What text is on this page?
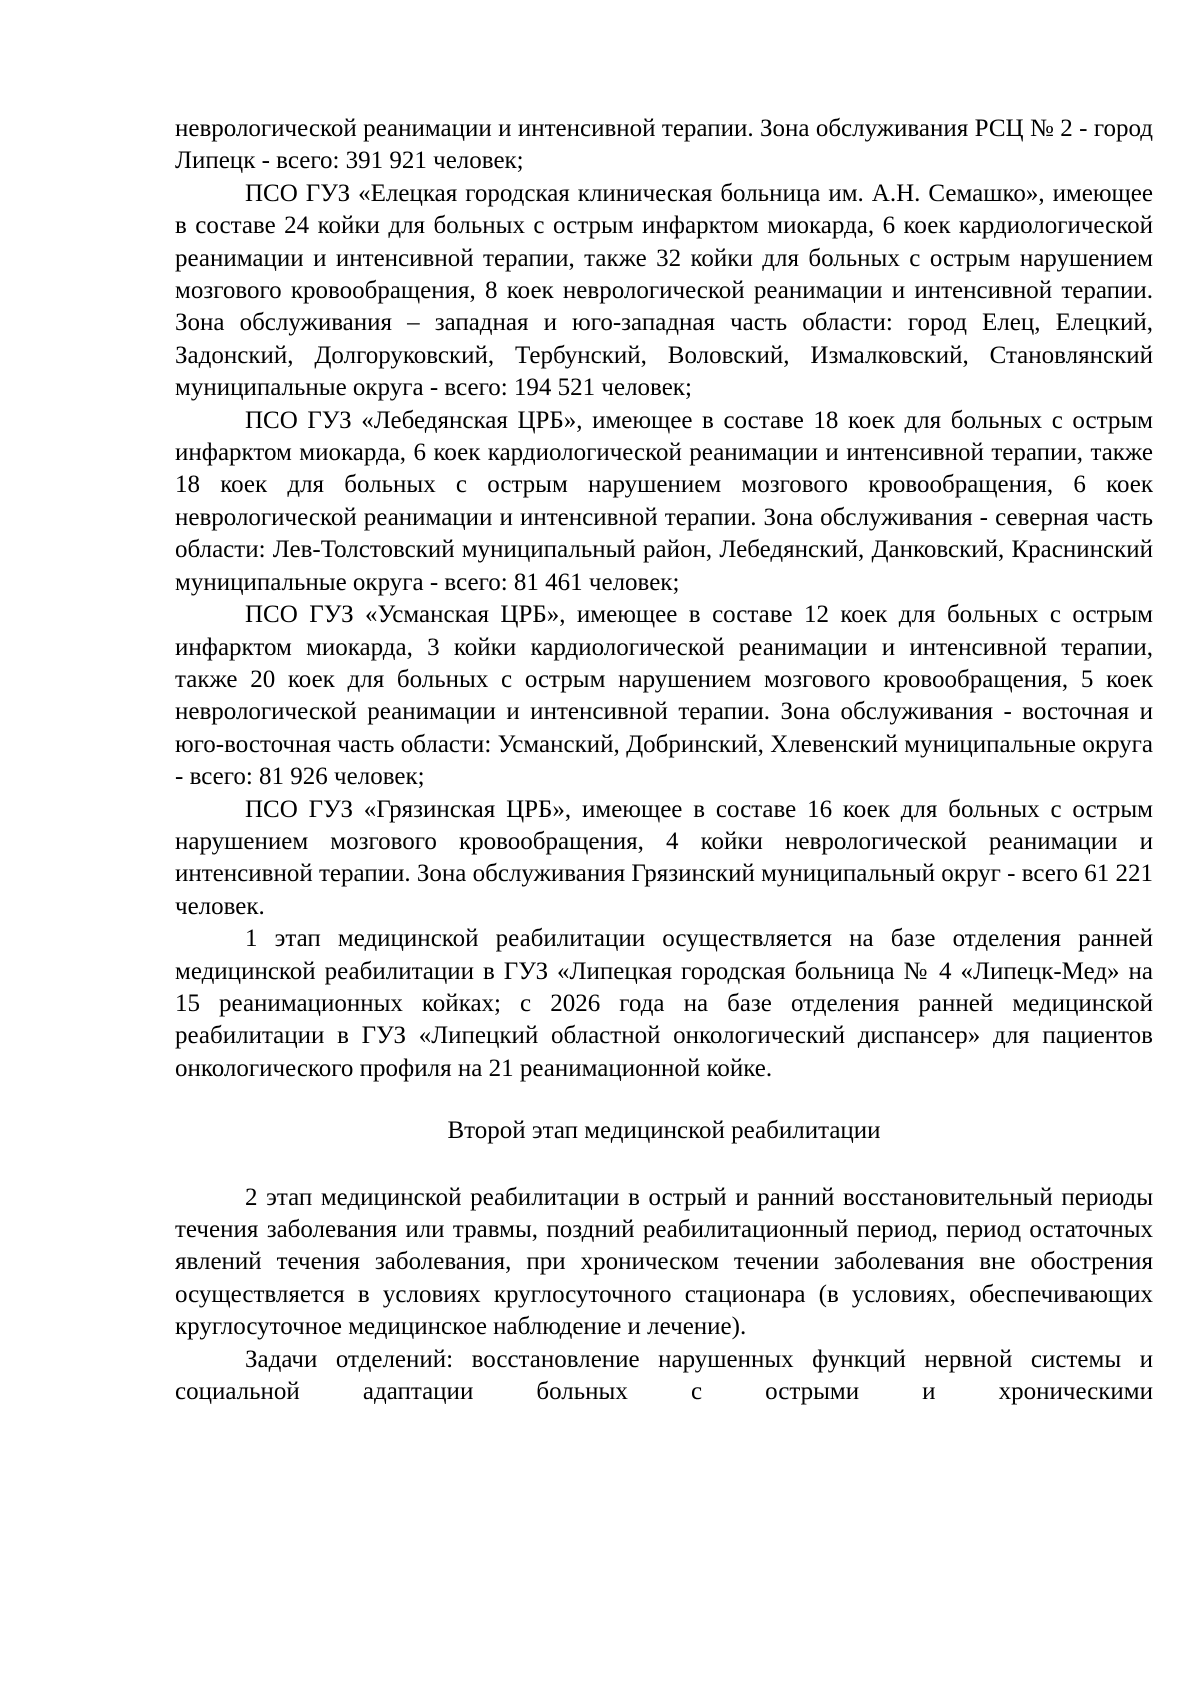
неврологической реанимации и интенсивной терапии. Зона обслуживания РСЦ № 2 - город Липецк - всего: 391 921 человек;

ПСО ГУЗ «Елецкая городская клиническая больница им. А.Н. Семашко», имеющее в составе 24 койки для больных с острым инфарктом миокарда, 6 коек кардиологической реанимации и интенсивной терапии, также 32 койки для больных с острым нарушением мозгового кровообращения, 8 коек неврологической реанимации и интенсивной терапии. Зона обслуживания – западная и юго-западная часть области: город Елец, Елецкий, Задонский, Долгоруковский, Тербунский, Воловский, Измалковский, Становлянский муниципальные округа - всего: 194 521 человек;

ПСО ГУЗ «Лебедянская ЦРБ», имеющее в составе 18 коек для больных с острым инфарктом миокарда, 6 коек кардиологической реанимации и интенсивной терапии, также 18 коек для больных с острым нарушением мозгового кровообращения, 6 коек неврологической реанимации и интенсивной терапии. Зона обслуживания - северная часть области: Лев-Толстовский муниципальный район, Лебедянский, Данковский, Краснинский муниципальные округа - всего: 81 461 человек;

ПСО ГУЗ «Усманская ЦРБ», имеющее в составе 12 коек для больных с острым инфарктом миокарда, 3 койки кардиологической реанимации и интенсивной терапии, также 20 коек для больных с острым нарушением мозгового кровообращения, 5 коек неврологической реанимации и интенсивной терапии. Зона обслуживания - восточная и юго-восточная часть области: Усманский, Добринский, Хлевенский муниципальные округа - всего: 81 926 человек;

ПСО ГУЗ «Грязинская ЦРБ», имеющее в составе 16 коек для больных с острым нарушением мозгового кровообращения, 4 койки неврологической реанимации и интенсивной терапии. Зона обслуживания Грязинский муниципальный округ - всего 61 221 человек.

1 этап медицинской реабилитации осуществляется на базе отделения ранней медицинской реабилитации в ГУЗ «Липецкая городская больница № 4 «Липецк-Мед» на 15 реанимационных койках; с 2026 года на базе отделения ранней медицинской реабилитации в ГУЗ «Липецкий областной онкологический диспансер» для пациентов онкологического профиля на 21 реанимационной койке.

Второй этап медицинской реабилитации

2 этап медицинской реабилитации в острый и ранний восстановительный периоды течения заболевания или травмы, поздний реабилитационный период, период остаточных явлений течения заболевания, при хроническом течении заболевания вне обострения осуществляется в условиях круглосуточного стационара (в условиях, обеспечивающих круглосуточное медицинское наблюдение и лечение).

Задачи отделений: восстановление нарушенных функций нервной системы и социальной адаптации больных с острыми и хроническими
